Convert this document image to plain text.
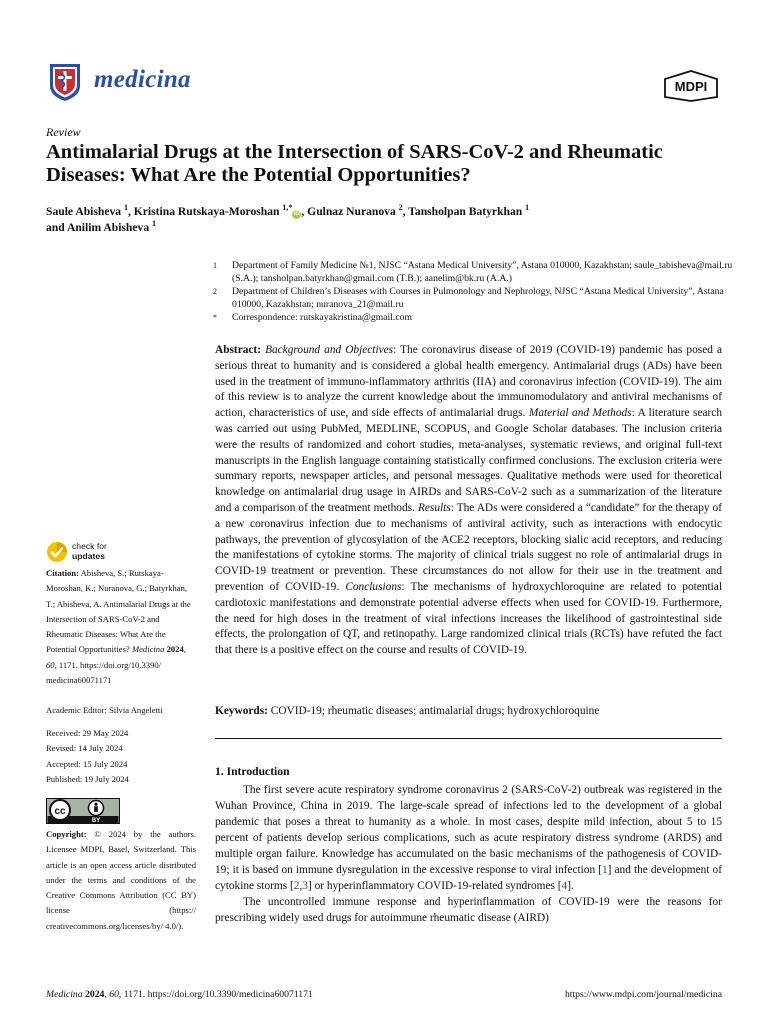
medicina	MDPI
Review
Antimalarial Drugs at the Intersection of SARS-CoV-2 and Rheumatic Diseases: What Are the Potential Opportunities?
Saule Abisheva $^1$, Kristina Rutskaya-Moroshan $^{1,*}$iD , Gulnaz Nuranova $^2$, Tansholpan Batyrkhan $^1$
and Anilim Abisheva $^1$
1	Department of Family Medicine №1, NJSC “Astana Medical University”, Astana 010000, Kazakhstan; saule_tabisheva@mail.ru (S.A.); tansholpan.batyrkhan@gmail.com (T.B.); aanelim@bk.ru (A.A.)
2	Department of Children’s Diseases with Courses in Pulmonology and Nephrology, NJSC “Astana Medical University”, Astana 010000, Kazakhstan; nuranova_21@mail.ru
*	Correspondence: rutskayakristina@gmail.com
Abstract: Background and Objectives: The coronavirus disease of 2019 (COVID-19) pandemic has posed a serious threat to humanity and is considered a global health emergency. Antimalarial drugs (ADs) have been used in the treatment of immuno-inflammatory arthritis (IIA) and coronavirus infection (COVID-19). The aim of this review is to analyze the current knowledge about the immunomodulatory and antiviral mechanisms of action, characteristics of use, and side effects of antimalarial drugs. Material and Methods: A literature search was carried out using PubMed, MEDLINE, SCOPUS, and Google Scholar databases. The inclusion criteria were the results of randomized and cohort studies, meta-analyses, systematic reviews, and original full-text manuscripts in the English language containing statistically confirmed conclusions. The exclusion criteria were summary reports, newspaper articles, and personal messages. Qualitative methods were used for theoretical knowledge on antimalarial drug usage in AIRDs and SARS-CoV-2 such as a summarization of the literature and a comparison of the treatment methods. Results: The ADs were considered a “candidate” for the therapy of a new coronavirus infection due to mechanisms of antiviral activity, such as interactions with endocytic pathways, the prevention of glycosylation of the ACE2 receptors, blocking sialic acid receptors, and reducing the manifestations of cytokine storms. The majority of clinical trials suggest no role of antimalarial drugs in COVID-19 treatment or prevention. These circumstances do not allow for their use in the treatment and prevention of COVID-19. Conclusions: The mechanisms of hydroxychloroquine are related to potential cardiotoxic manifestations and demonstrate potential adverse effects when used for COVID-19. Furthermore, the need for high doses in the treatment of viral infections increases the likelihood of gastrointestinal side effects, the prolongation of QT, and retinopathy. Large randomized clinical trials (RCTs) have refuted the fact that there is a positive effect on the course and results of COVID-19.
Keywords: COVID-19; rheumatic diseases; antimalarial drugs; hydroxychloroquine
1. Introduction

The first severe acute respiratory syndrome coronavirus 2 (SARS-CoV-2) outbreak was registered in the Wuhan Province, China in 2019. The large-scale spread of infections led to the development of a global pandemic that poses a threat to humanity as a whole. In most cases, despite mild infection, about 5 to 15 percent of patients develop serious complications, such as acute respiratory distress syndrome (ARDS) and multiple organ failure. Knowledge has accumulated on the basic mechanisms of the pathogenesis of COVID-19; it is based on immune dysregulation in the excessive response to viral infection [1] and the development of cytokine storms [2,3] or hyperinflammatory COVID-19-related syndromes [4].

The uncontrolled immune response and hyperinflammation of COVID-19 were the reasons for prescribing widely used drugs for autoimmune rheumatic disease (AIRD)

check for
updates
Citation: Abisheva, S.; Rutskaya-Moroshan, K.; Nuranova, G.; Batyrkhan, T.; Abisheva, A. Antimalarial Drugs at the Intersection of SARS-CoV-2 and Rheumatic Diseases: What Are the Potential Opportunities? Medicina 2024, 60, 1171. https://doi.org/10.3390/ medicina60071171
Academic Editor: Silvia Angeletti
Received: 29 May 2024
Revised: 14 July 2024
Accepted: 15 July 2024
Published: 19 July 2024
cc
BY
Copyright: © 2024 by the authors. Licensee MDPI, Basel, Switzerland. This article is an open access article distributed under the terms and conditions of the Creative Commons Attribution (CC BY) license (https:// creativecommons.org/licenses/by/ 4.0/).
Medicina 2024, 60, 1171. https://doi.org/10.3390/medicina60071171	https://www.mdpi.com/journal/medicina
